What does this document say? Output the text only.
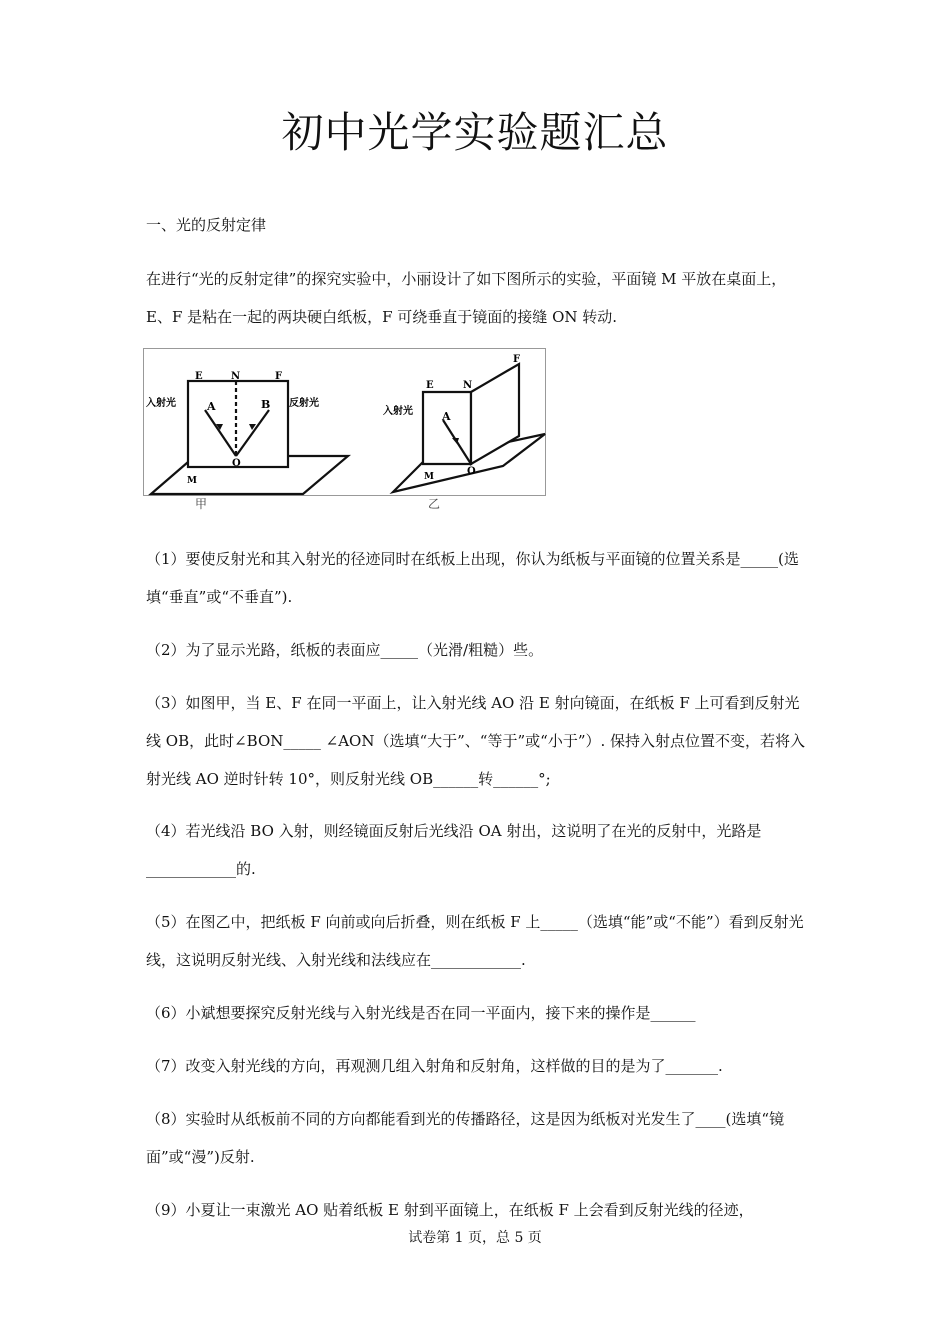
初中光学实验题汇总
一、光的反射定律

在进行“光的反射定律”的探究实验中，小丽设计了如下图所示的实验，平面镜 M 平放在桌面上，E、F 是粘在一起的两块硬白纸板，F 可绕垂直于镜面的接缝 ON 转动.

E	N	F
A	B
O
M
入射光	反射光
甲
E	N
F
A
O
M
入射光
乙

（1）要使反射光和其入射光的径迹同时在纸板上出现，你认为纸板与平面镜的位置关系是_____(选填“垂直”或“不垂直”).

（2）为了显示光路，纸板的表面应_____（光滑/粗糙）些。

（3）如图甲，当 E、F 在同一平面上，让入射光线 AO 沿 E 射向镜面，在纸板 F 上可看到反射光线 OB，此时∠BON_____ ∠AON（选填“大于”、“等于”或“小于”）. 保持入射点位置不变，若将入射光线 AO 逆时针转 10°，则反射光线 OB______转______°;

（4）若光线沿 BO 入射，则经镜面反射后光线沿 OA 射出，这说明了在光的反射中，光路是____________的.

（5）在图乙中，把纸板 F 向前或向后折叠，则在纸板 F 上_____（选填“能”或“不能”）看到反射光线，这说明反射光线、入射光线和法线应在____________.

（6）小斌想要探究反射光线与入射光线是否在同一平面内，接下来的操作是______

（7）改变入射光线的方向，再观测几组入射角和反射角，这样做的目的是为了_______.

（8）实验时从纸板前不同的方向都能看到光的传播路径，这是因为纸板对光发生了____(选填“镜面”或“漫”)反射.

（9）小夏让一束激光 AO 贴着纸板 E 射到平面镜上，在纸板 F 上会看到反射光线的径迹，

试卷第 1 页，总 5 页
